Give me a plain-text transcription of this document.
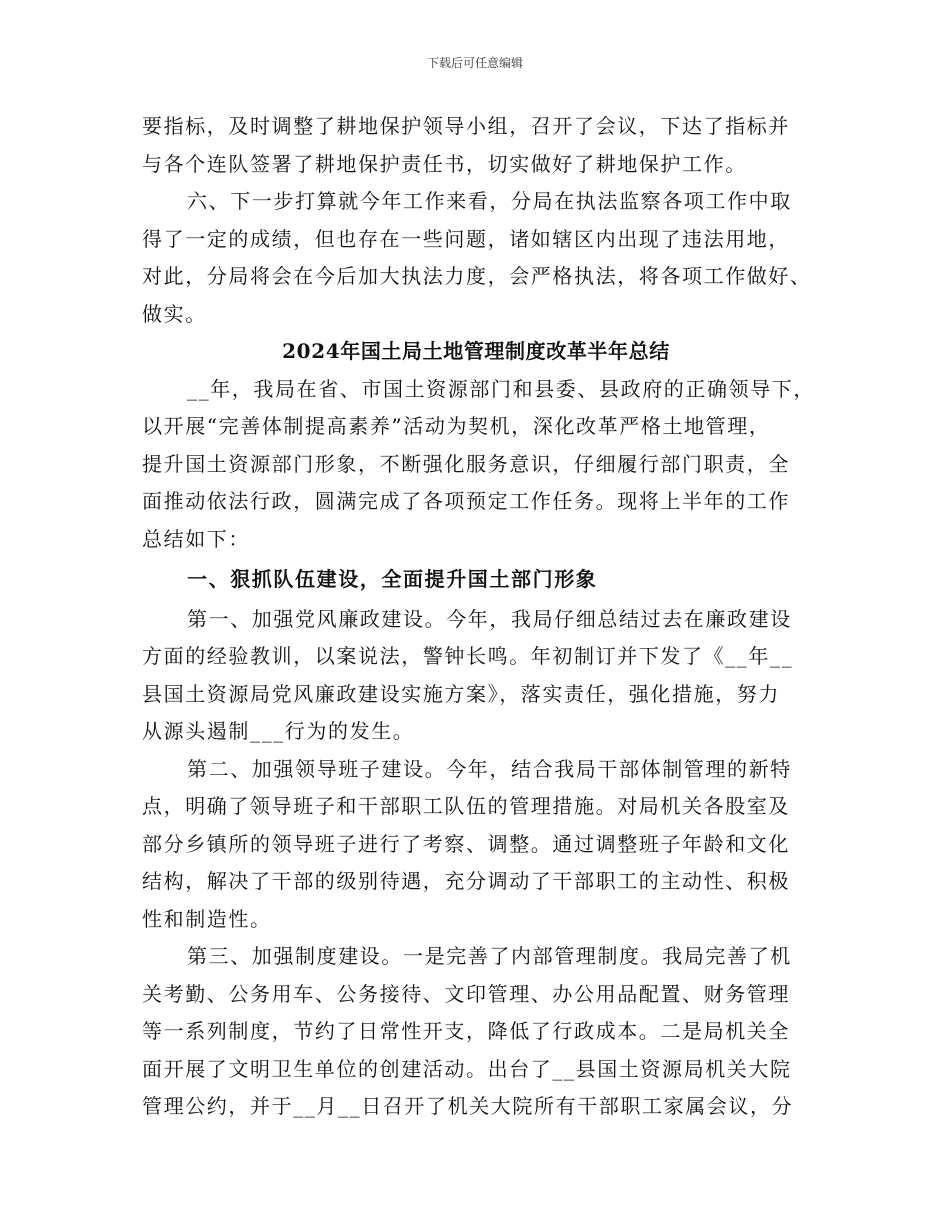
下载后可任意编辑
要指标，及时调整了耕地保护领导小组，召开了会议，下达了指标并
与各个连队签署了耕地保护责任书，切实做好了耕地保护工作。
六、下一步打算就今年工作来看，分局在执法监察各项工作中取
得了一定的成绩，但也存在一些问题，诸如辖区内出现了违法用地，
对此，分局将会在今后加大执法力度，会严格执法，将各项工作做好、
做实。
2024年国土局土地管理制度改革半年总结
__年，我局在省、市国土资源部门和县委、县政府的正确领导下，
以开展“完善体制提高素养”活动为契机，深化改革严格土地管理，
提升国土资源部门形象，不断强化服务意识，仔细履行部门职责，全
面推动依法行政，圆满完成了各项预定工作任务。现将上半年的工作
总结如下：
一、狠抓队伍建设，全面提升国土部门形象
第一、加强党风廉政建设。今年，我局仔细总结过去在廉政建设
方面的经验教训，以案说法，警钟长鸣。年初制订并下发了《__年__
县国土资源局党风廉政建设实施方案》，落实责任，强化措施，努力
从源头遏制___行为的发生。
第二、加强领导班子建设。今年，结合我局干部体制管理的新特
点，明确了领导班子和干部职工队伍的管理措施。对局机关各股室及
部分乡镇所的领导班子进行了考察、调整。通过调整班子年龄和文化
结构，解决了干部的级别待遇，充分调动了干部职工的主动性、积极
性和制造性。
第三、加强制度建设。一是完善了内部管理制度。我局完善了机
关考勤、公务用车、公务接待、文印管理、办公用品配置、财务管理
等一系列制度，节约了日常性开支，降低了行政成本。二是局机关全
面开展了文明卫生单位的创建活动。出台了__县国土资源局机关大院
管理公约，并于__月__日召开了机关大院所有干部职工家属会议，分
